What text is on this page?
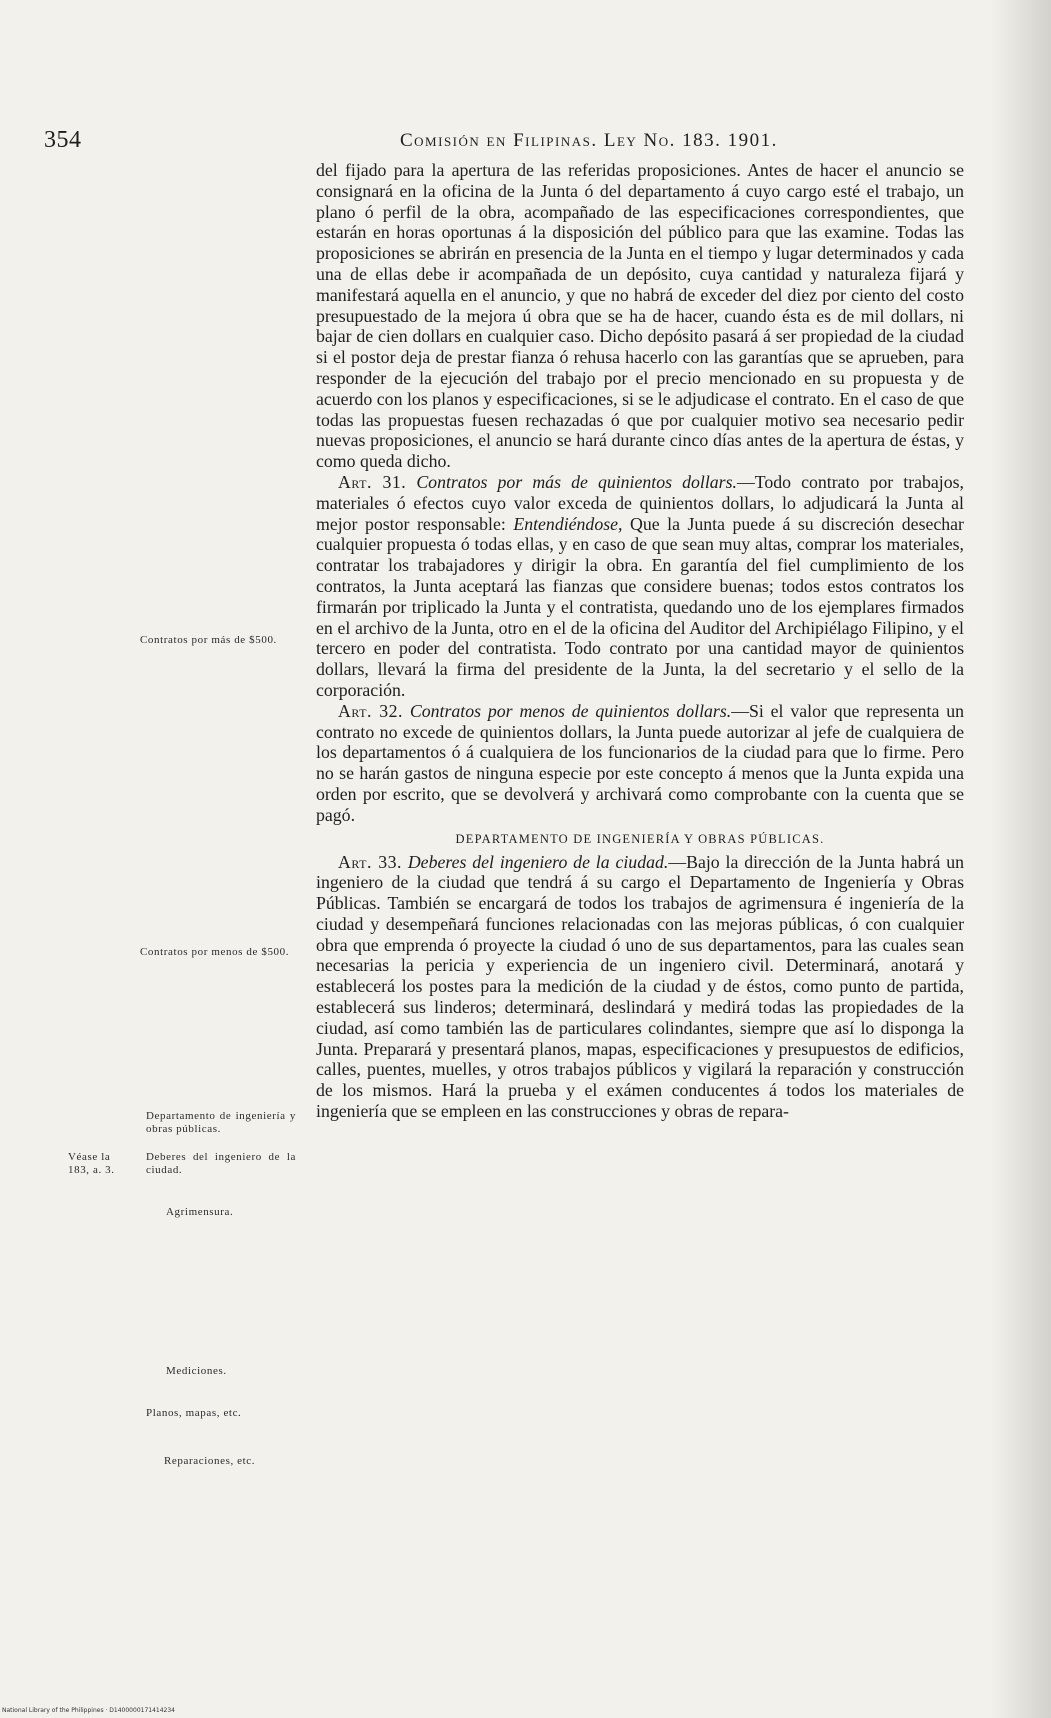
354	Comisión en Filipinas. Ley No. 183. 1901.

del fijado para la apertura de las referidas proposiciones. Antes de hacer el anuncio se consignará en la oficina de la Junta ó del departamento á cuyo cargo esté el trabajo, un plano ó perfil de la obra, acompañado de las especificaciones correspondientes, que estarán en horas oportunas á la disposición del público para que las examine. Todas las proposiciones se abrirán en presencia de la Junta en el tiempo y lugar determinados y cada una de ellas debe ir acompañada de un depósito, cuya cantidad y naturaleza fijará y manifestará aquella en el anuncio, y que no habrá de exceder del diez por ciento del costo presupuestado de la mejora ú obra que se ha de hacer, cuando ésta es de mil dollars, ni bajar de cien dollars en cualquier caso. Dicho depósito pasará á ser propiedad de la ciudad si el postor deja de prestar fianza ó rehusa hacerlo con las garantías que se aprueben, para responder de la ejecución del trabajo por el precio mencionado en su propuesta y de acuerdo con los planos y especificaciones, si se le adjudicase el contrato. En el caso de que todas las propuestas fuesen rechazadas ó que por cualquier motivo sea necesario pedir nuevas proposiciones, el anuncio se hará durante cinco días antes de la apertura de éstas, y como queda dicho.

Art. 31. Contratos por más de quinientos dollars.—Todo contrato por trabajos, materiales ó efectos cuyo valor exceda de quinientos dollars, lo adjudicará la Junta al mejor postor responsable: Entendiéndose, Que la Junta puede á su discreción desechar cualquier propuesta ó todas ellas, y en caso de que sean muy altas, comprar los materiales, contratar los trabajadores y dirigir la obra. En garantía del fiel cumplimiento de los contratos, la Junta aceptará las fianzas que considere buenas; todos estos contratos los firmarán por triplicado la Junta y el contratista, quedando uno de los ejemplares firmados en el archivo de la Junta, otro en el de la oficina del Auditor del Archipiélago Filipino, y el tercero en poder del contratista. Todo contrato por una cantidad mayor de quinientos dollars, llevará la firma del presidente de la Junta, la del secretario y el sello de la corporación.

Art. 32. Contratos por menos de quinientos dollars.—Si el valor que representa un contrato no excede de quinientos dollars, la Junta puede autorizar al jefe de cualquiera de los departamentos ó á cualquiera de los funcionarios de la ciudad para que lo firme. Pero no se harán gastos de ninguna especie por este concepto á menos que la Junta expida una orden por escrito, que se devolverá y archivará como comprobante con la cuenta que se pagó.

DEPARTAMENTO DE INGENIERÍA Y OBRAS PÚBLICAS.

Art. 33. Deberes del ingeniero de la ciudad.—Bajo la dirección de la Junta habrá un ingeniero de la ciudad que tendrá á su cargo el Departamento de Ingeniería y Obras Públicas. También se encargará de todos los trabajos de agrimensura é ingeniería de la ciudad y desempeñará funciones relacionadas con las mejoras públicas, ó con cualquier obra que emprenda ó proyecte la ciudad ó uno de sus departamentos, para las cuales sean necesarias la pericia y experiencia de un ingeniero civil. Determinará, anotará y establecerá los postes para la medición de la ciudad y de éstos, como punto de partida, establecerá sus linderos; determinará, deslindará y medirá todas las propiedades de la ciudad, así como también las de particulares colindantes, siempre que así lo disponga la Junta. Preparará y presentará planos, mapas, especificaciones y presupuestos de edificios, calles, puentes, muelles, y otros trabajos públicos y vigilará la reparación y construcción de los mismos. Hará la prueba y el exámen conducentes á todos los materiales de ingeniería que se empleen en las construcciones y obras de repara-

Contratos por más de $500.
Contratos por menos de $500.
Departamento de ingeniería y obras públicas.
Véase la 183, a. 3.
Deberes del ingeniero de la ciudad.
Agrimensura.
Mediciones.
Planos, mapas, etc.
Reparaciones, etc.
National Library of the Philippines · D1400000171414234
